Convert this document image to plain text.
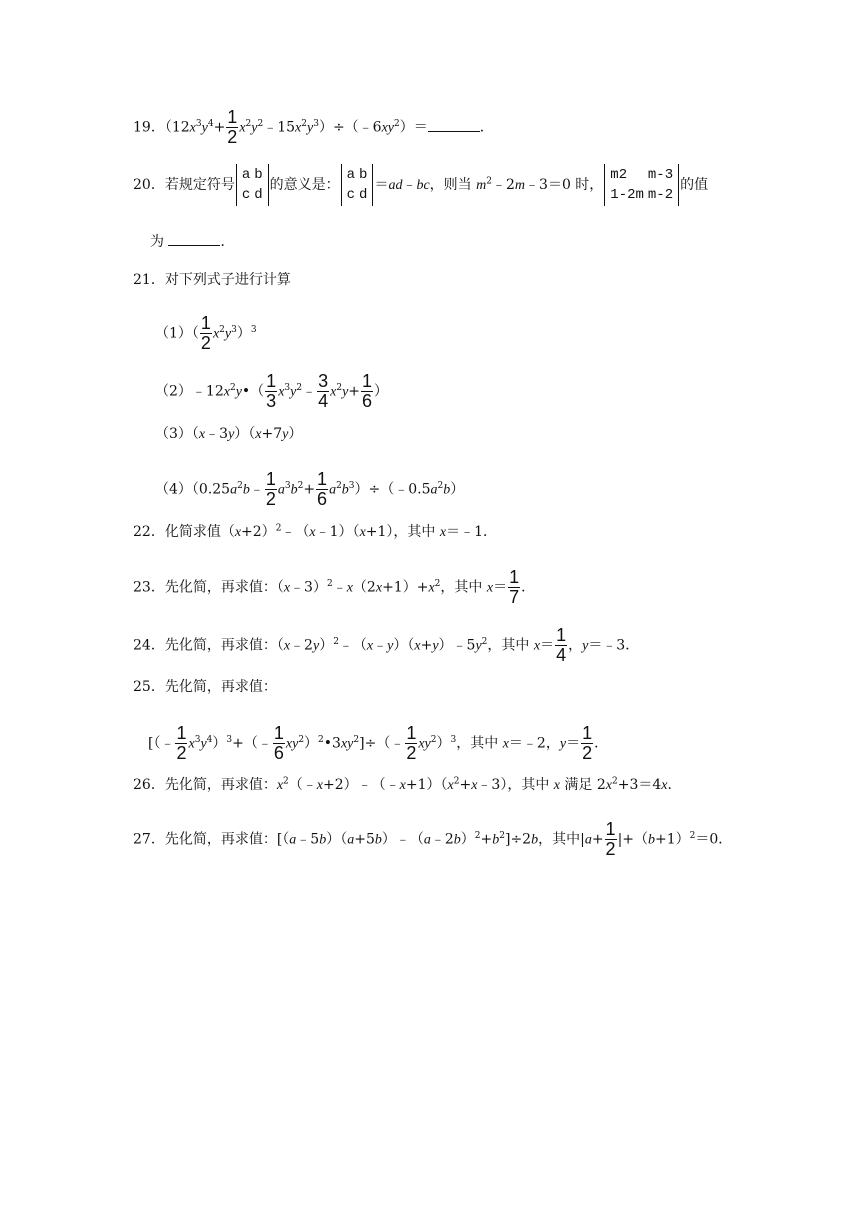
19．（$12x^3y^4+ \frac{1}{2}$ $x^2y^2﹣15x^2y^3)\div(﹣6xy^2)=$	．
20．若规定符号
a	b
c	d
的意义是：
a	b
c	d
＝ad﹣bc，则当 $m^2﹣2m﹣3=0$ 时，
m2	m-3
1-2m	m-2
的值
为	．
21．对下列式子进行计算
$(1)( \frac{1}{2} x^2y^3)^3$
$(2)﹣12x^2y•( \frac{1}{3}$ $x^3y^2﹣ \frac{3}{4} x^2y+ \frac{1}{6}$ ）
（3）（x﹣3y）（x+7y）
$(4)(0.25a^2b﹣ \frac{1}{2} a^3b^2+ \frac{1}{6}$ $a^2b^3)\div(﹣0.5a^2b)$
22．化简求值$(x+2)^2﹣(x﹣1)(x+1)$，其中 x＝﹣1．
23．先化简，再求值：$(x﹣3)^2﹣x(2x+1)+x^2$，其中 $x= \frac{1}{7}$ ．
24．先化简，再求值：$(x﹣2y)^2﹣(x﹣y)(x+y)﹣5y^2$，其中 $x= \frac{1}{4}$ ，y＝﹣3．
25．先化简，再求值：
[（﹣ $\frac{1}{2}$ $x^3y^4)^3+(﹣ \frac{1}{6}$ $xy^2)^2•3xy^2]\div(﹣ \frac{1}{2} xy^2)^3$，其中 x＝﹣2，$y= \frac{1}{2}$ ．
26．先化简，再求值：$x^2(﹣x+2)﹣(﹣x+1)(x^2+x﹣3)$，其中 x 满足 $2x^2+3=4x$．
27．先化简，再求值：$[(a﹣5b)(a+5b)﹣(a﹣2b)^2+b^2]\div 2b$，其中$|a+ \frac{1}{2} |+(b+1)^2=0$．
